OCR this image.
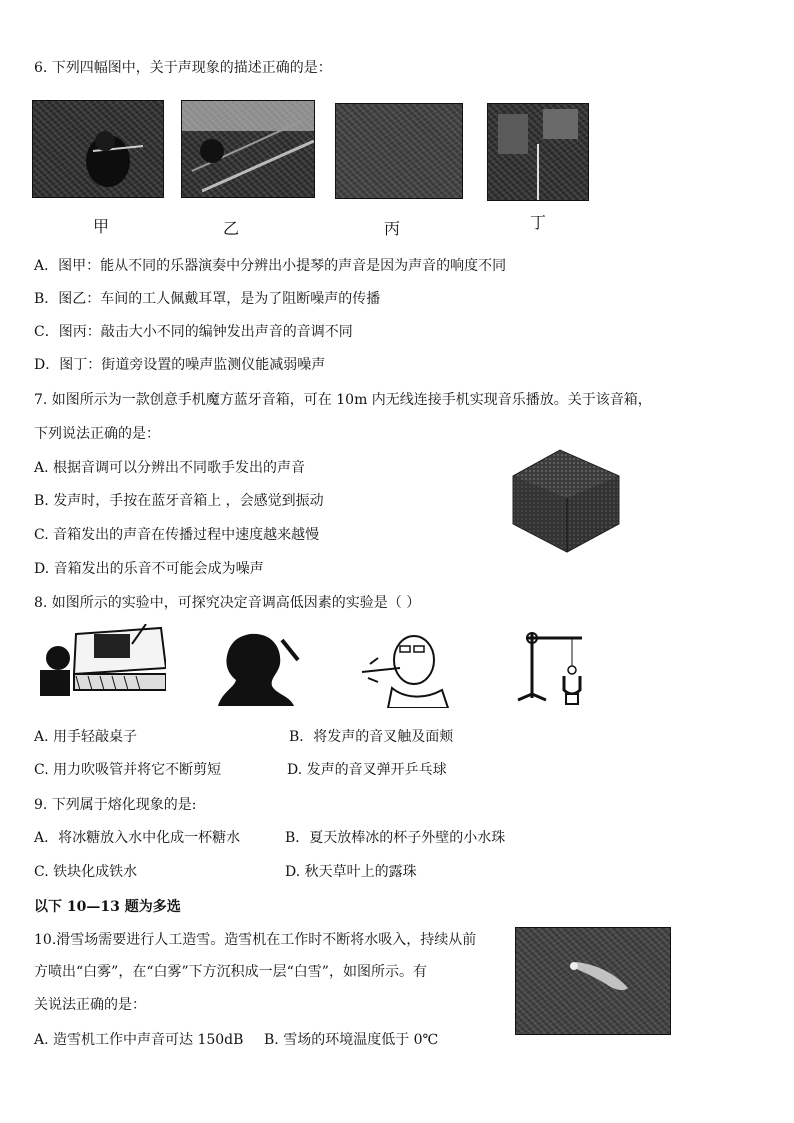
6. 下列四幅图中，关于声现象的描述正确的是：
甲	乙	丙	丁
A．图甲：能从不同的乐器演奏中分辨出小提琴的声音是因为声音的响度不同
B．图乙：车间的工人佩戴耳罩，是为了阻断噪声的传播
C．图丙：敲击大小不同的编钟发出声音的音调不同
D．图丁：街道旁设置的噪声监测仪能减弱噪声
7. 如图所示为一款创意手机魔方蓝牙音箱，可在 10m 内无线连接手机实现音乐播放。关于该音箱，
下列说法正确的是：
A. 根据音调可以分辨出不同歌手发出的声音
B. 发声时，手按在蓝牙音箱上 ，会感觉到振动
C. 音箱发出的声音在传播过程中速度越来越慢
D. 音箱发出的乐音不可能会成为噪声
8. 如图所示的实验中，可探究决定音调高低因素的实验是（ ）
A. 用手轻敲桌子	B．将发声的音叉触及面颊
C. 用力吹吸管并将它不断剪短	D. 发声的音叉弹开乒乓球
9. 下列属于熔化现象的是:
A．将冰糖放入水中化成一杯糖水	B．夏天放棒冰的杯子外壁的小水珠
C. 铁块化成铁水	D. 秋天草叶上的露珠
以下 10—13 题为多选
10.滑雪场需要进行人工造雪。造雪机在工作时不断将水吸入，持续从前
方喷出“白雾”，在“白雾”下方沉积成一层“白雪”，如图所示。有
关说法正确的是：
A. 造雪机工作中声音可达 150dB B. 雪场的环境温度低于 0℃
